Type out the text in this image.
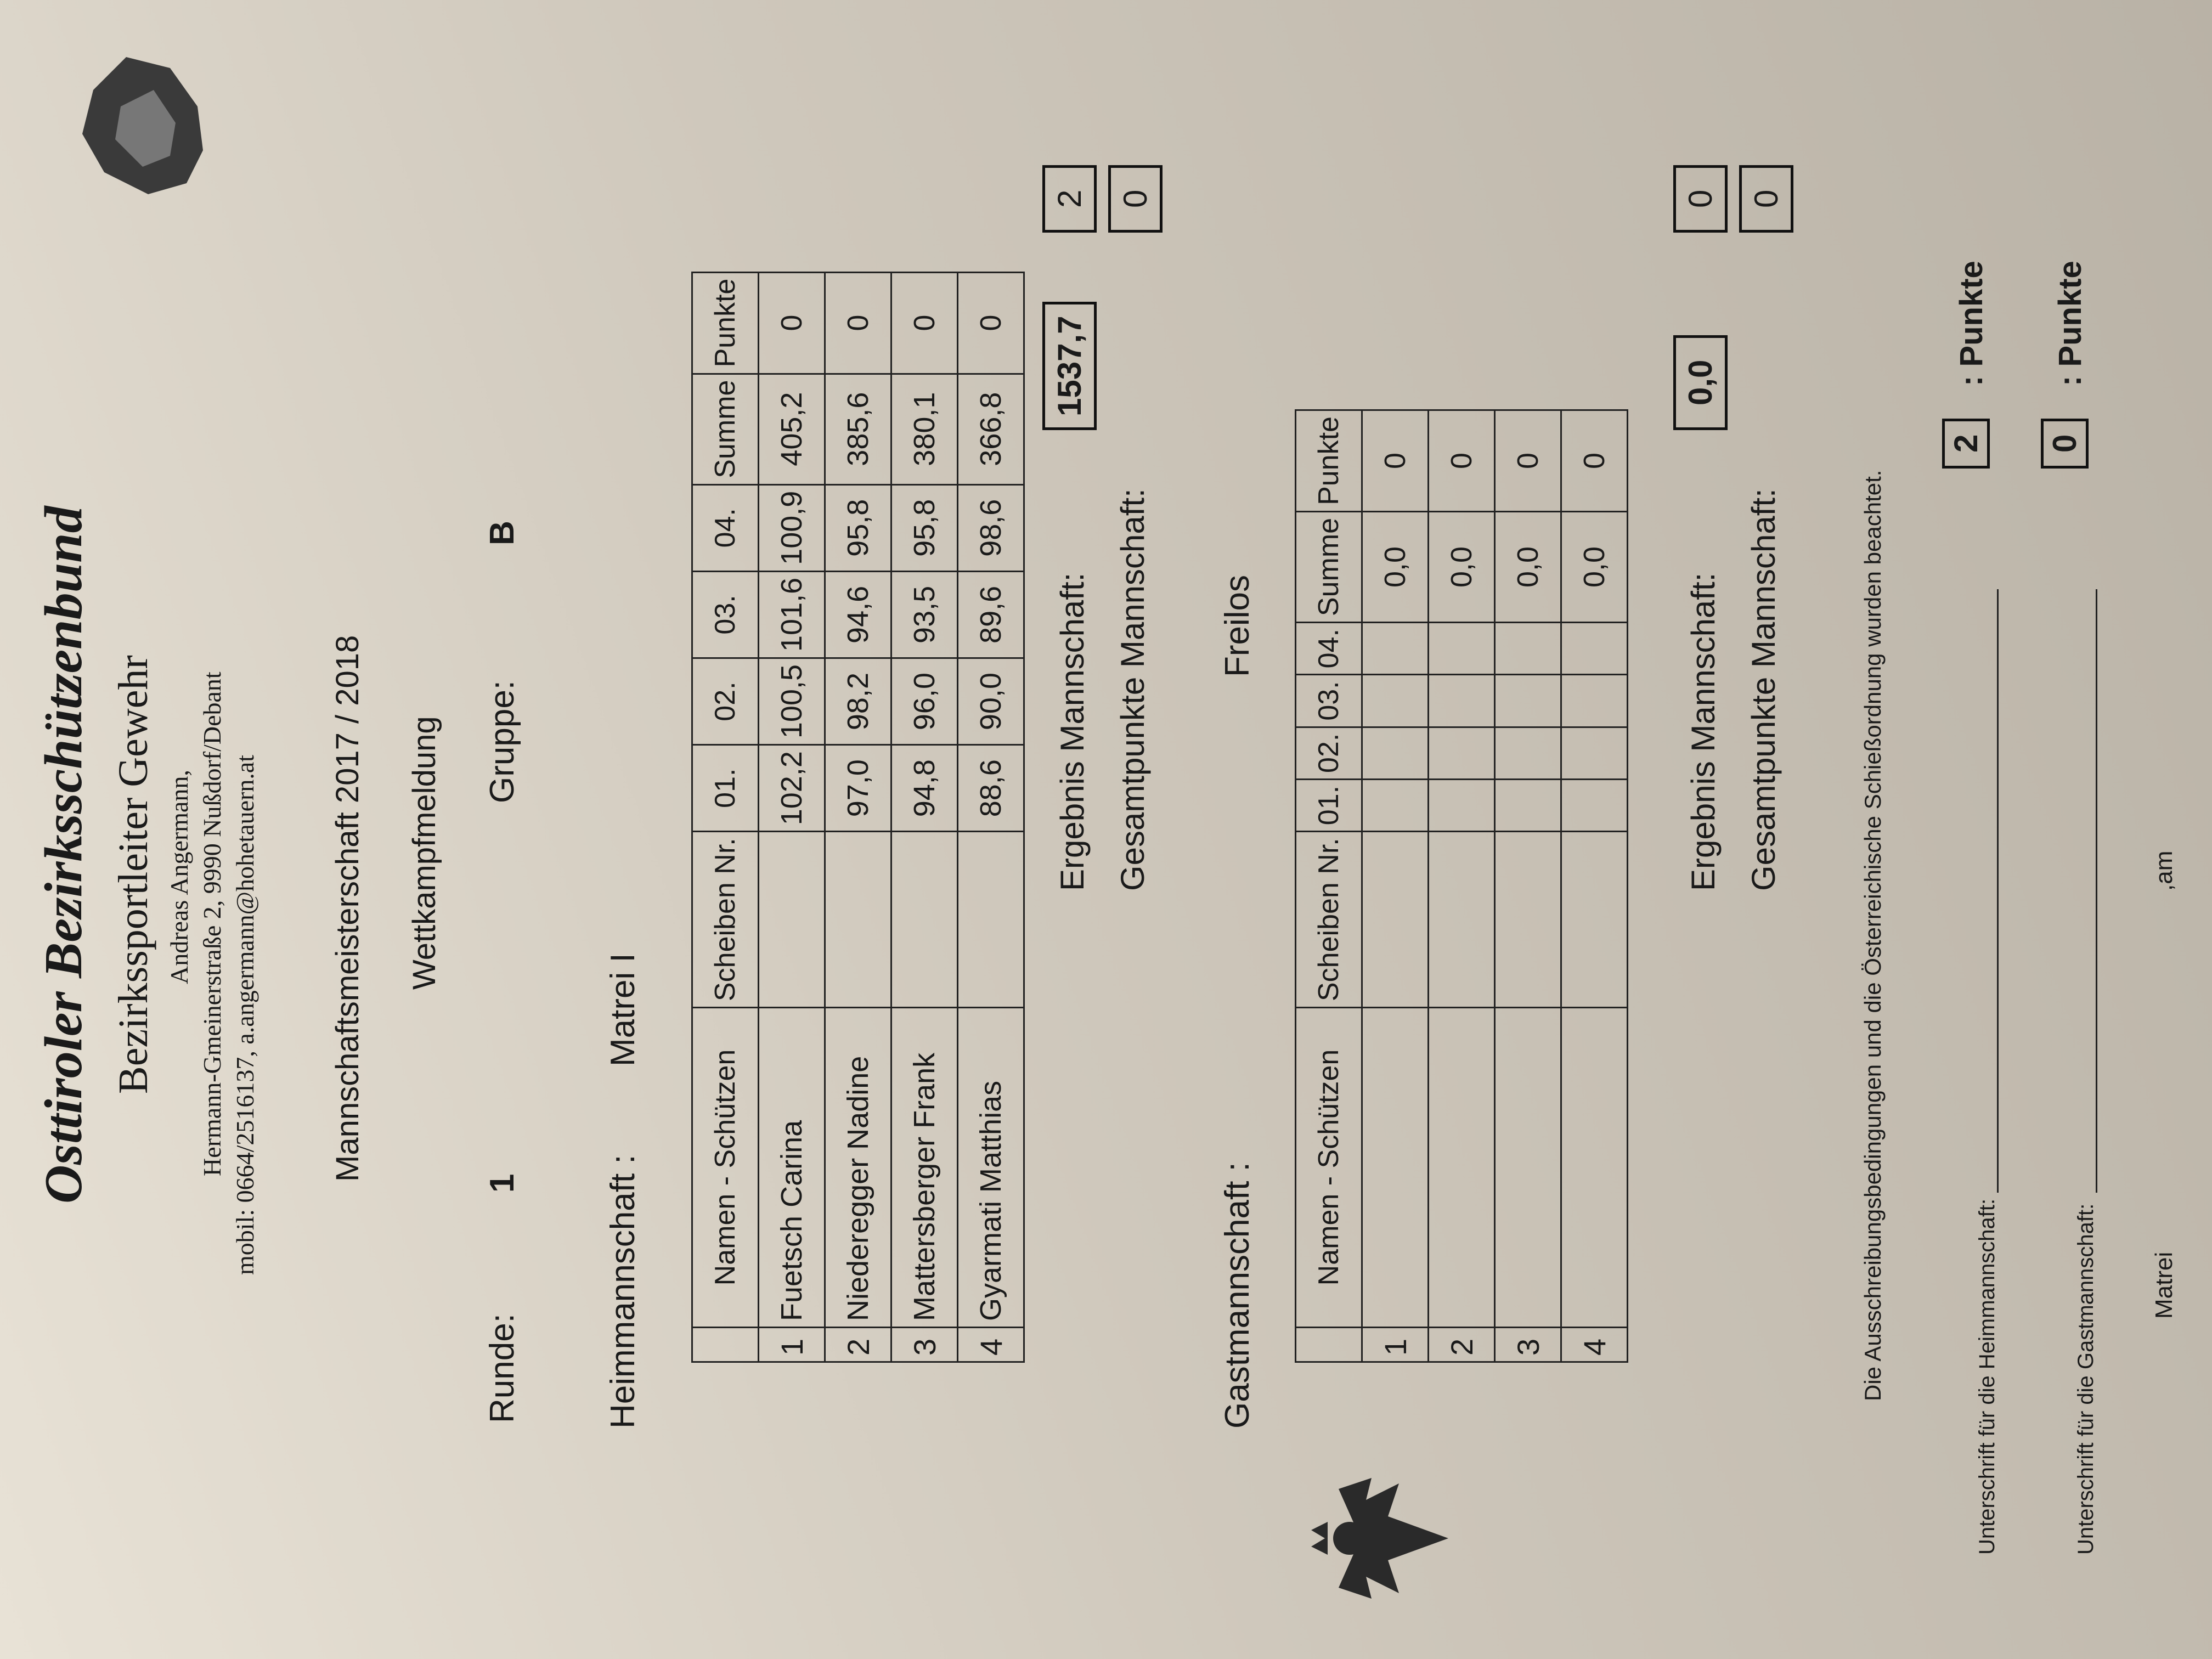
Osttiroler Bezirksschützenbund Bezirkssportleiter Gewehr Andreas Angermann, Hermann-Gmeinerstraße 2, 9990 Nußdorf/Debant mobil: 0664/2516137, a.angermann@hohetauern.at Mannschaftsmeisterschaft 2017 / 2018 Wettkampfmeldung
Runde:
1
Gruppe:
B
Heimmannschaft :
Matrei I
	Namen - Schützen	Scheiben Nr.	01.	02.	03.	04.	Summe	Punkte
1	Fuetsch Carina		102,2	100,5	101,6	100,9	405,2	0
2	Niederegger Nadine		97,0	98,2	94,6	95,8	385,6	0
3	Mattersberger Frank		94,8	96,0	93,5	95,8	380,1	0
4	Gyarmati Matthias		88,6	90,0	89,6	98,6	366,8	0
Ergebnis Mannschaft:
1537,7
2
Gesamtpunkte Mannschaft:
0
Gastmannschaft :
Freilos
	Namen - Schützen	Scheiben Nr.	01.	02.	03.	04.	Summe	Punkte
1							0,0	0
2							0,0	0
3							0,0	0
4							0,0	0
Ergebnis Mannschaft:
0,0
0
Gesamtpunkte Mannschaft:
0
Die Ausschreibungsbedingungen und die Österreichische Schießordnung wurden beachtet.	Unterschrift für die Heimmannschaft:
2
: Punkte
Unterschrift für die Gastmannschaft:
0
: Punkte
Matrei
,am
